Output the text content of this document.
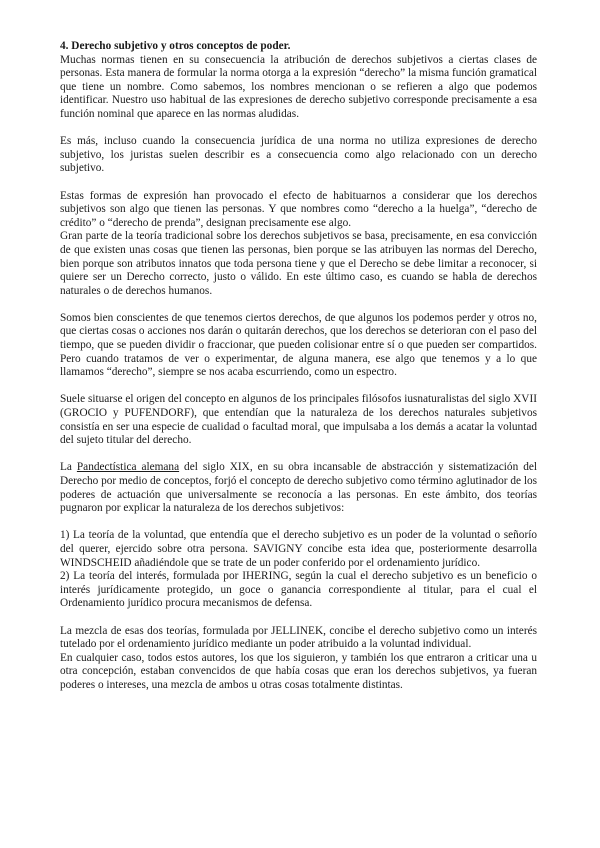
4. Derecho subjetivo y otros conceptos de poder.

Muchas normas tienen en su consecuencia la atribución de derechos subjetivos a ciertas clases de personas. Esta manera de formular la norma otorga a la expresión “derecho” la misma función gramatical que tiene un nombre. Como sabemos, los nombres mencionan o se refieren a algo que podemos identificar. Nuestro uso habitual de las expresiones de derecho subjetivo corresponde precisamente a esa función nominal que aparece en las normas aludidas.

Es más, incluso cuando la consecuencia jurídica de una norma no utiliza expresiones de derecho subjetivo, los juristas suelen describir es a consecuencia como algo relacionado con un derecho subjetivo.

Estas formas de expresión han provocado el efecto de habituarnos a considerar que los derechos subjetivos son algo que tienen las personas. Y que nombres como “derecho a la huelga”, “derecho de crédito” o “derecho de prenda”, designan precisamente ese algo.

Gran parte de la teoría tradicional sobre los derechos subjetivos se basa, precisamente, en esa convicción de que existen unas cosas que tienen las personas, bien porque se las atribuyen las normas del Derecho, bien porque son atributos innatos que toda persona tiene y que el Derecho se debe limitar a reconocer, si quiere ser un Derecho correcto, justo o válido. En este último caso, es cuando se habla de derechos naturales o de derechos humanos.

Somos bien conscientes de que tenemos ciertos derechos, de que algunos los podemos perder y otros no, que ciertas cosas o acciones nos darán o quitarán derechos, que los derechos se deterioran con el paso del tiempo, que se pueden dividir o fraccionar, que pueden colisionar entre sí o que pueden ser compartidos. Pero cuando tratamos de ver o experimentar, de alguna manera, ese algo que tenemos y a lo que llamamos “derecho”, siempre se nos acaba escurriendo, como un espectro.

Suele situarse el origen del concepto en algunos de los principales filósofos iusnaturalistas del siglo XVII (GROCIO y PUFENDORF), que entendían que la naturaleza de los derechos naturales subjetivos consistía en ser una especie de cualidad o facultad moral, que impulsaba a los demás a acatar la voluntad del sujeto titular del derecho.

La Pandectística alemana del siglo XIX, en su obra incansable de abstracción y sistematización del Derecho por medio de conceptos, forjó el concepto de derecho subjetivo como término aglutinador de los poderes de actuación que universalmente se reconocía a las personas. En este ámbito, dos teorías pugnaron por explicar la naturaleza de los derechos subjetivos:

1) La teoría de la voluntad, que entendía que el derecho subjetivo es un poder de la voluntad o señorío del querer, ejercido sobre otra persona. SAVIGNY concibe esta idea que, posteriormente desarrolla WINDSCHEID añadiéndole que se trate de un poder conferido por el ordenamiento jurídico.

2) La teoría del interés, formulada por IHERING, según la cual el derecho subjetivo es un beneficio o interés jurídicamente protegido, un goce o ganancia correspondiente al titular, para el cual el Ordenamiento jurídico procura mecanismos de defensa.

La mezcla de esas dos teorías, formulada por JELLINEK, concibe el derecho subjetivo como un interés tutelado por el ordenamiento jurídico mediante un poder atribuido a la voluntad individual.

En cualquier caso, todos estos autores, los que los siguieron, y también los que entraron a criticar una u otra concepción, estaban convencidos de que había cosas que eran los derechos subjetivos, ya fueran poderes o intereses, una mezcla de ambos u otras cosas totalmente distintas.
